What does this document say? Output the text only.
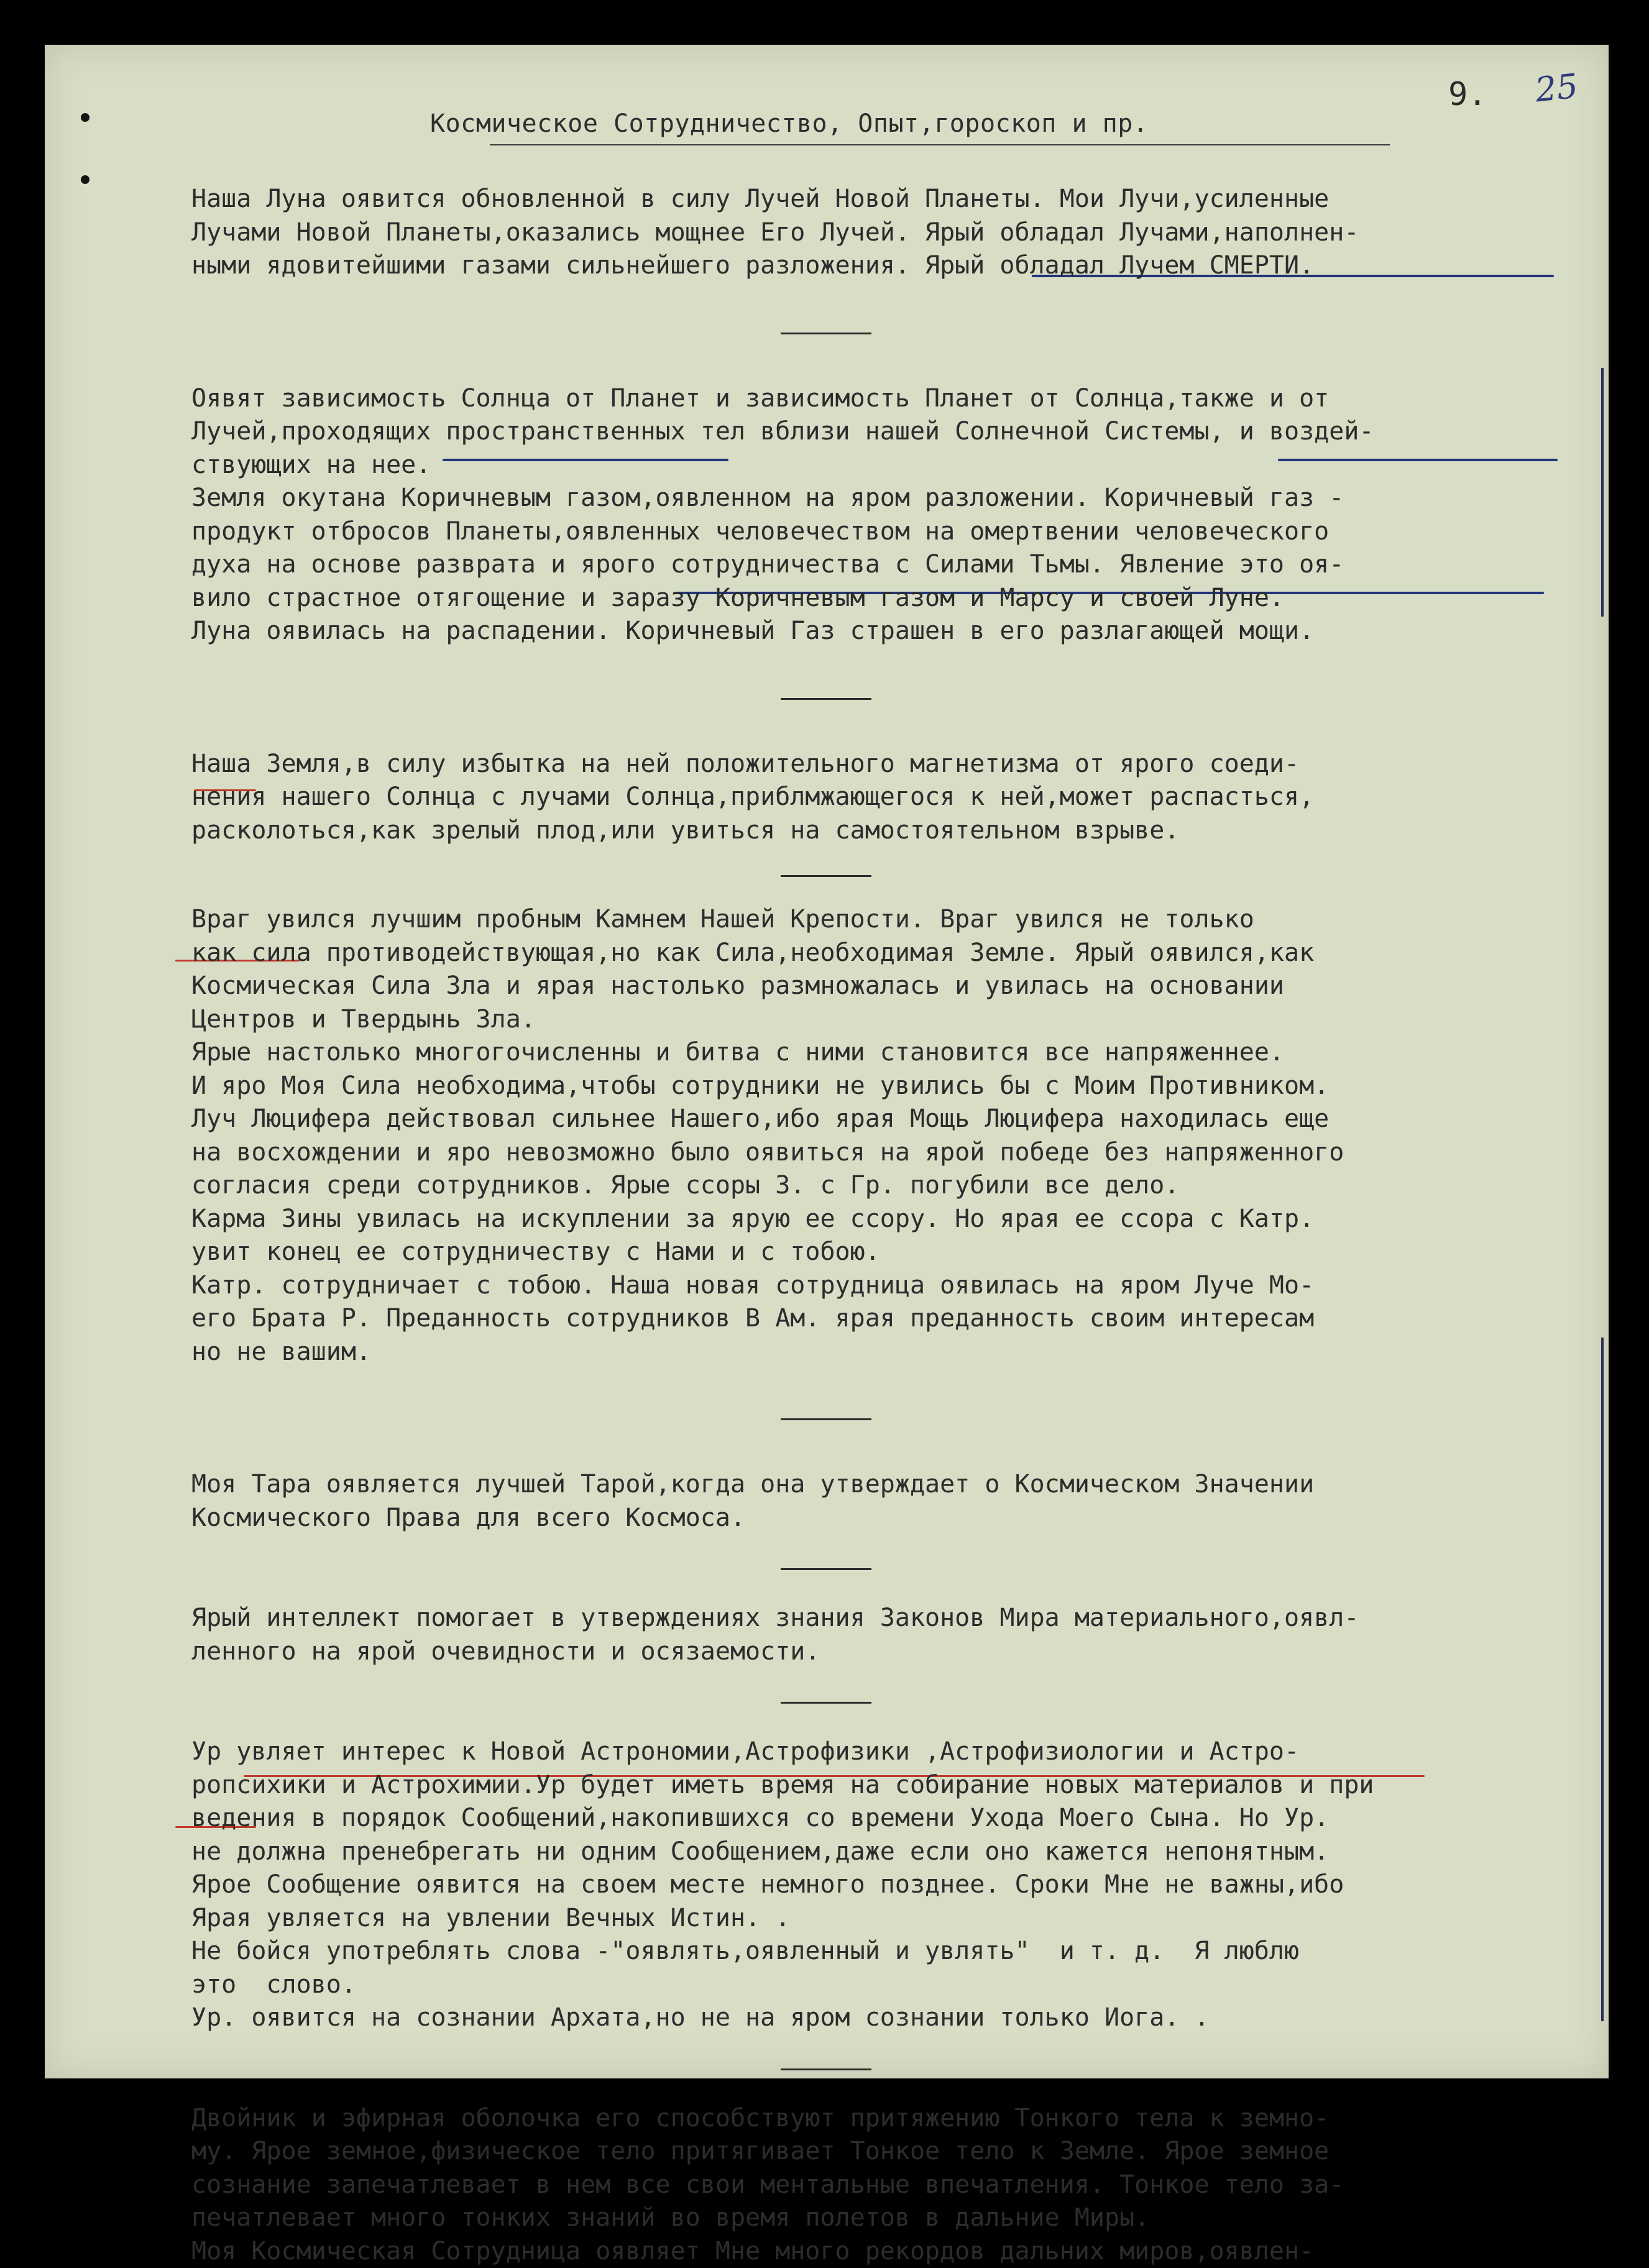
9. 25
Космическое Сотрудничество, Опыт,гороскоп и пр.
Наша Луна оявится обновленной в силу Лучей Новой Планеты. Мои Лучи,усиленные
Лучами Новой Планеты,оказались мощнее Его Лучей. Ярый обладал Лучами,наполнен-
ными ядовитейшими газами сильнейшего разложения. Ярый обладал Лучем СМЕРТИ.
Оявят зависимость Солнца от Планет и зависимость Планет от Солнца,также и от
Лучей,проходящих пространственных тел вблизи нашей Солнечной Системы, и воздей-
ствующих на нее.
Земля окутана Коричневым газом,оявленном на яром разложении. Коричневый газ -
продукт отбросов Планеты,оявленных человечеством на омертвении человеческого
духа на основе разврата и ярого сотрудничества с Силами Тьмы. Явление это оя-
вило страстное отягощение и заразу Коричневым газом и Марсу и своей Луне.
Луна оявилась на распадении. Коричневый Газ страшен в его разлагающей мощи.
Наша Земля,в силу избытка на ней положительного магнетизма от ярого соеди-
нения нашего Солнца с лучами Солнца,приблмжающегося к ней,может распасться,
расколоться,как зрелый плод,или увиться на самостоятельном взрыве.
Враг увился лучшим пробным Камнем Нашей Крепости. Враг увился не только
как сила противодействующая,но как Сила,необходимая Земле. Ярый оявился,как
Космическая Сила Зла и ярая настолько размножалась и увилась на основании
Центров и Твердынь Зла.
Ярые настолько многогочисленны и битва с ними становится все напряженнее.
И яро Моя Сила необходима,чтобы сотрудники не увились бы с Моим Противником.
Луч Люцифера действовал сильнее Нашего,ибо ярая Мощь Люцифера находилась еще
на восхождении и яро невозможно было оявиться на ярой победе без напряженного
согласия среди сотрудников. Ярые ссоры З. с Гр. погубили все дело.
Карма Зины увилась на искуплении за ярую ее ссору. Но ярая ее ссора с Катр.
увит конец ее сотрудничеству с Нами и с тобою.
Катр. сотрудничает с тобою. Наша новая сотрудница оявилась на яром Луче Мо-
его Брата Р. Преданность сотрудников В Ам. ярая преданность своим интересам
но не вашим.
Моя Тара оявляется лучшей Тарой,когда она утверждает о Космическом Значении
Космического Права для всего Космоса.
Ярый интеллект помогает в утверждениях знания Законов Мира материального,оявл-
ленного на ярой очевидности и осязаемости.
Ур увляет интерес к Новой Астрономии,Астрофизики ,Астрофизиологии и Астро-
ропсихики и Астрохимии.Ур будет иметь время на собирание новых материалов и при
ведения в порядок Сообщений,накопившихся со времени Ухода Моего Сына. Но Ур.
не должна пренебрегать ни одним Сообщением,даже если оно кажется непонятным.
Ярое Сообщение оявится на своем месте немного позднее. Сроки Мне не важны,ибо
Ярая увляется на увлении Вечных Истин. .
Не бойся употреблять слова -"оявлять,оявленный и увлять"  и т. д.  Я люблю
это  слово.
Ур. оявится на сознании Архата,но не на яром сознании только Иога. .
Двойник и эфирная оболочка его способствуют притяжению Тонкого тела к земно-
му. Ярое земное,физическое тело притягивает Тонкое тело к Земле. Ярое земное
сознание запечатлевает в нем все свои ментальные впечатления. Тонкое тело за-
печатлевает много тонких знаний во время полетов в дальние Миры.
Моя Космическая Сотрудница оявляет Мне много рекордов дальних миров,оявлен-
